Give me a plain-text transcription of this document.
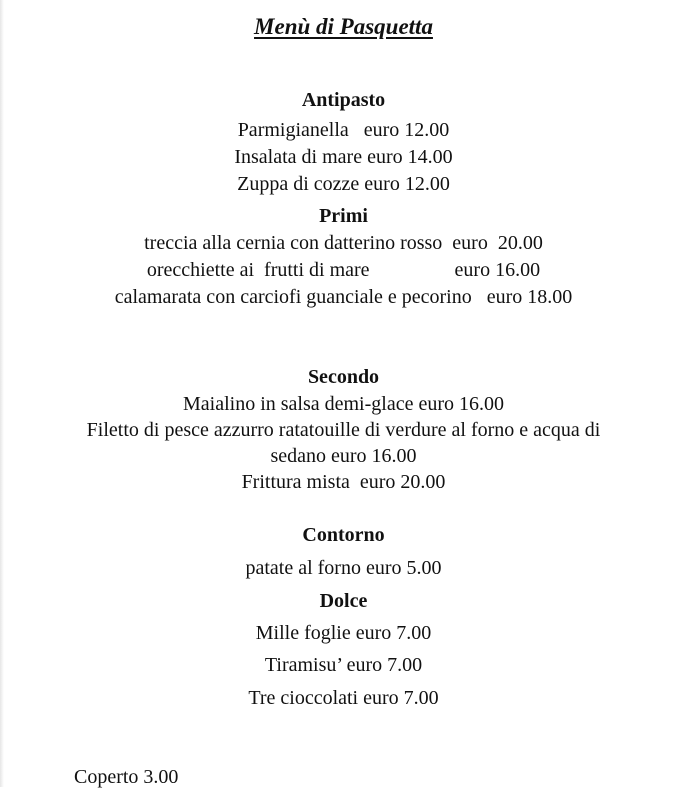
Menù di Pasquetta
Antipasto
Parmigianella   euro 12.00
Insalata di mare euro 14.00
Zuppa di cozze euro 12.00
Primi
treccia alla cernia con datterino rosso  euro  20.00
orecchiette ai  frutti di mare                 euro 16.00
calamarata con carciofi guanciale e pecorino   euro 18.00
Secondo
Maialino in salsa demi-glace euro 16.00
Filetto di pesce azzurro ratatouille di verdure al forno e acqua di
sedano euro 16.00
Frittura mista  euro 20.00
Contorno
patate al forno euro 5.00
Dolce
Mille foglie euro 7.00
Tiramisu’ euro 7.00
Tre cioccolati euro 7.00
Coperto 3.00
